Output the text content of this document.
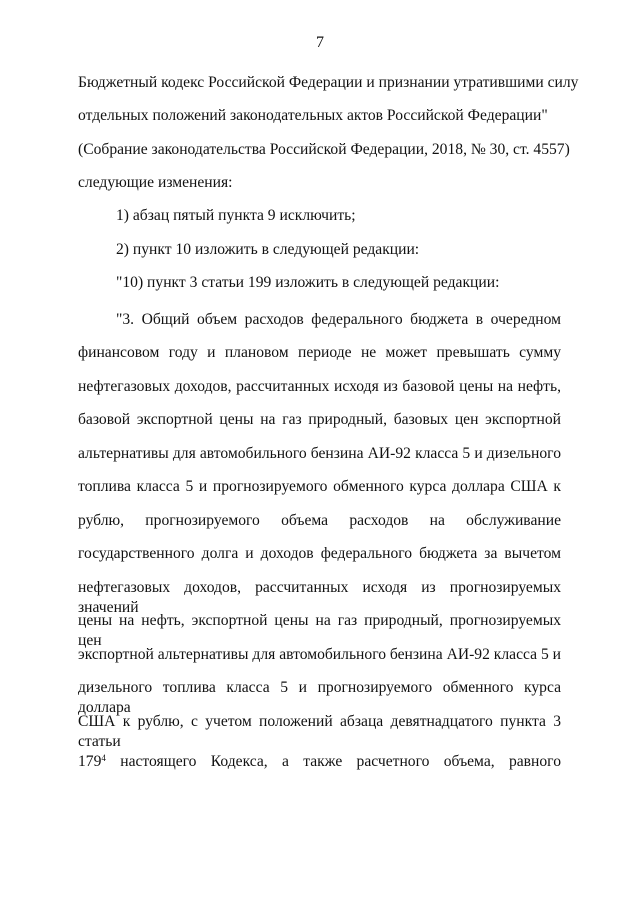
7
Бюджетный кодекс Российской Федерации и признании утратившими силу
отдельных положений законодательных актов Российской Федерации"
(Собрание законодательства Российской Федерации, 2018, № 30, ст. 4557)
следующие изменения:
1) абзац пятый пункта 9 исключить;
2) пункт 10 изложить в следующей редакции:
"10) пункт 3 статьи 199 изложить в следующей редакции:
"3. Общий объем расходов федерального бюджета в очередном
финансовом году и плановом периоде не может превышать сумму
нефтегазовых доходов, рассчитанных исходя из базовой цены на нефть,
базовой экспортной цены на газ природный, базовых цен экспортной
альтернативы для автомобильного бензина АИ-92 класса 5 и дизельного
топлива класса 5 и прогнозируемого обменного курса доллара США к
рублю, прогнозируемого объема расходов на обслуживание
государственного долга и доходов федерального бюджета за вычетом
нефтегазовых доходов, рассчитанных исходя из прогнозируемых значений
цены на нефть, экспортной цены на газ природный, прогнозируемых цен
экспортной альтернативы для автомобильного бензина АИ-92 класса 5 и
дизельного топлива класса 5 и прогнозируемого обменного курса доллара
США к рублю, с учетом положений абзаца девятнадцатого пункта 3 статьи
$179^4$ настоящего Кодекса, а также расчетного объема, равного
